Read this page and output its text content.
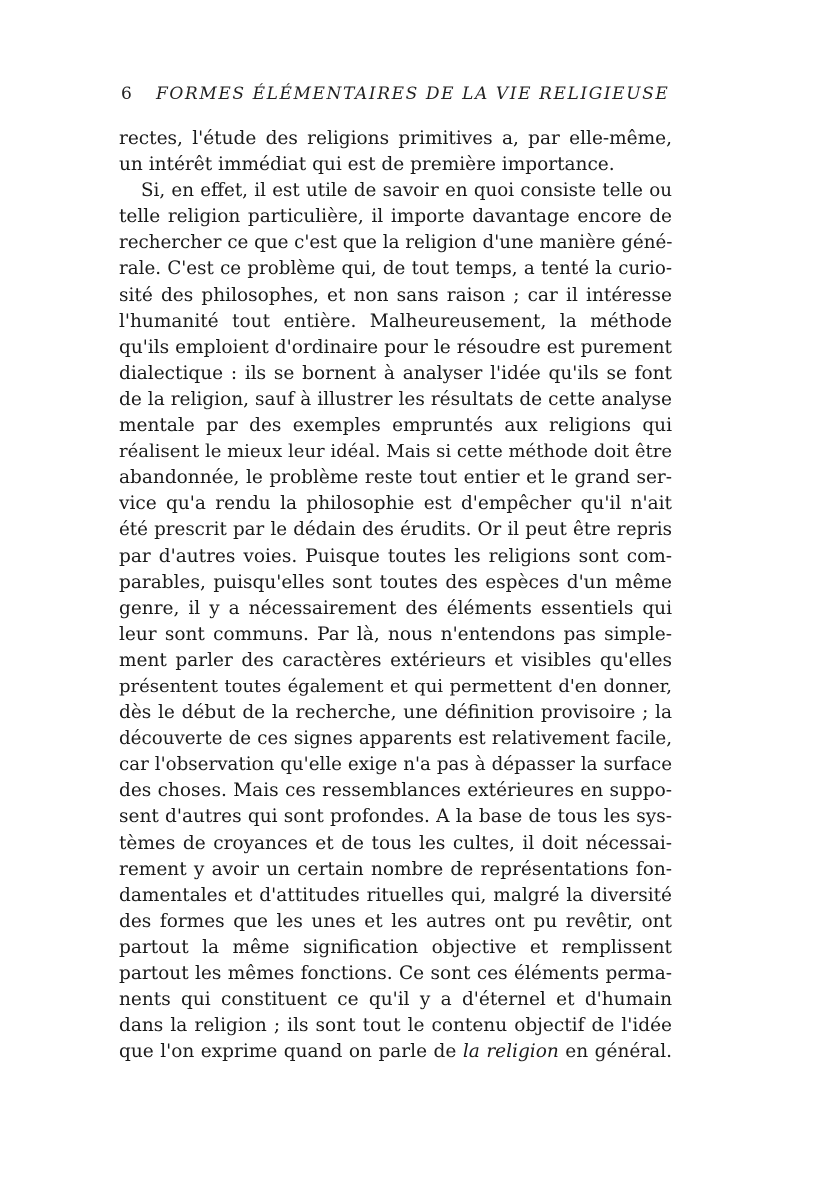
6 FORMES ÉLÉMENTAIRES DE LA VIE RELIGIEUSE
rectes, l'étude des religions primitives a, par elle-même,
un intérêt immédiat qui est de première importance.
Si, en effet, il est utile de savoir en quoi consiste telle ou
telle religion particulière, il importe davantage encore de
rechercher ce que c'est que la religion d'une manière géné-
rale. C'est ce problème qui, de tout temps, a tenté la curio-
sité des philosophes, et non sans raison ; car il intéresse
l'humanité tout entière. Malheureusement, la méthode
qu'ils emploient d'ordinaire pour le résoudre est purement
dialectique : ils se bornent à analyser l'idée qu'ils se font
de la religion, sauf à illustrer les résultats de cette analyse
mentale par des exemples empruntés aux religions qui
réalisent le mieux leur idéal. Mais si cette méthode doit être
abandonnée, le problème reste tout entier et le grand ser-
vice qu'a rendu la philosophie est d'empêcher qu'il n'ait
été prescrit par le dédain des érudits. Or il peut être repris
par d'autres voies. Puisque toutes les religions sont com-
parables, puisqu'elles sont toutes des espèces d'un même
genre, il y a nécessairement des éléments essentiels qui
leur sont communs. Par là, nous n'entendons pas simple-
ment parler des caractères extérieurs et visibles qu'elles
présentent toutes également et qui permettent d'en donner,
dès le début de la recherche, une définition provisoire ; la
découverte de ces signes apparents est relativement facile,
car l'observation qu'elle exige n'a pas à dépasser la surface
des choses. Mais ces ressemblances extérieures en suppo-
sent d'autres qui sont profondes. A la base de tous les sys-
tèmes de croyances et de tous les cultes, il doit nécessai-
rement y avoir un certain nombre de représentations fon-
damentales et d'attitudes rituelles qui, malgré la diversité
des formes que les unes et les autres ont pu revêtir, ont
partout la même signification objective et remplissent
partout les mêmes fonctions. Ce sont ces éléments perma-
nents qui constituent ce qu'il y a d'éternel et d'humain
dans la religion ; ils sont tout le contenu objectif de l'idée
que l'on exprime quand on parle de la religion en général.
